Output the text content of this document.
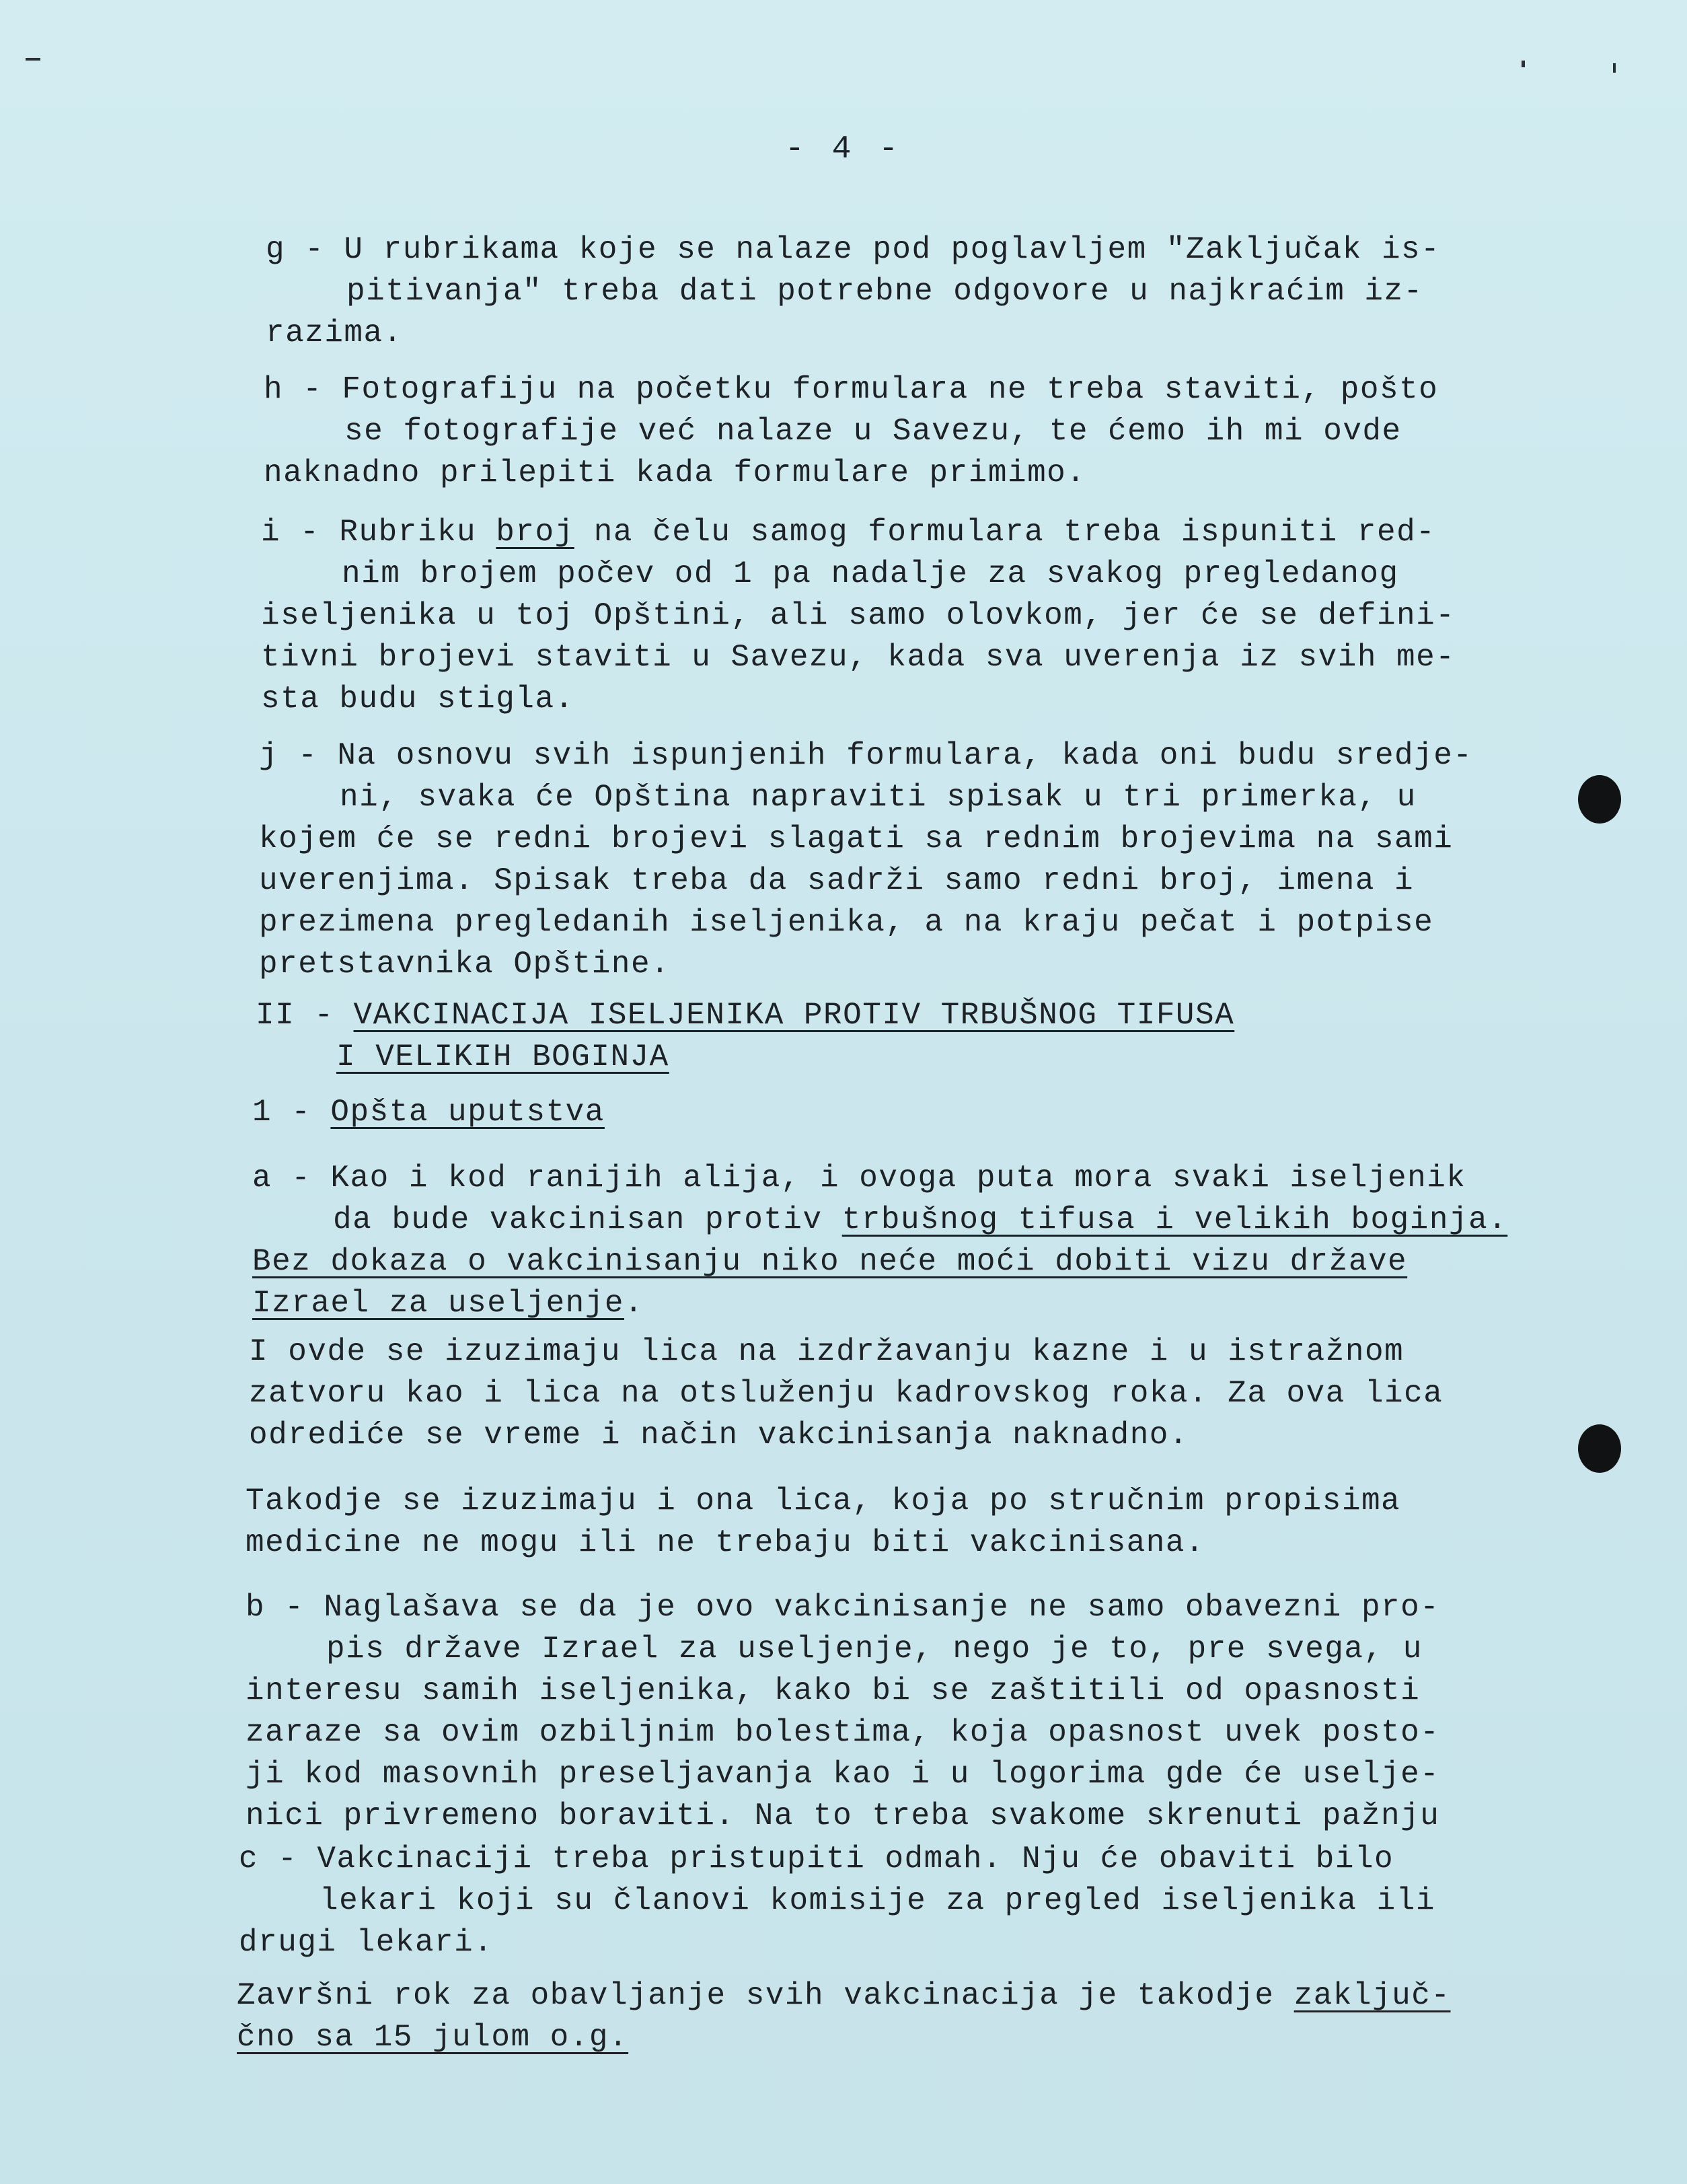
- 4 -
g - U rubrikama koje se nalaze pod poglavljem "Zaključak is-
pitivanja" treba dati potrebne odgovore u najkraćim iz-
razima.
h - Fotografiju na početku formulara ne treba staviti, pošto
se fotografije već nalaze u Savezu, te ćemo ih mi ovde
naknadno prilepiti kada formulare primimo.
i - Rubriku broj na čelu samog formulara treba ispuniti red-
nim brojem počev od 1 pa nadalje za svakog pregledanog
iseljenika u toj Opštini, ali samo olovkom, jer će se defini-
tivni brojevi staviti u Savezu, kada sva uverenja iz svih me-
sta budu stigla.
j - Na osnovu svih ispunjenih formulara, kada oni budu sredje-
ni, svaka će Opština napraviti spisak u tri primerka, u
kojem će se redni brojevi slagati sa rednim brojevima na sami
uverenjima. Spisak treba da sadrži samo redni broj, imena i
prezimena pregledanih iseljenika, a na kraju pečat i potpise
pretstavnika Opštine.
II - VAKCINACIJA ISELJENIKA PROTIV TRBUŠNOG TIFUSA
I VELIKIH BOGINJA
1 - Opšta uputstva
a - Kao i kod ranijih alija, i ovoga puta mora svaki iseljenik
da bude vakcinisan protiv trbušnog tifusa i velikih boginja.
Bez dokaza o vakcinisanju niko neće moći dobiti vizu države
Izrael za useljenje.
I ovde se izuzimaju lica na izdržavanju kazne i u istražnom
zatvoru kao i lica na otsluženju kadrovskog roka. Za ova lica
odrediće se vreme i način vakcinisanja naknadno.
Takodje se izuzimaju i ona lica, koja po stručnim propisima
medicine ne mogu ili ne trebaju biti vakcinisana.
b - Naglašava se da je ovo vakcinisanje ne samo obavezni pro-
pis države Izrael za useljenje, nego je to, pre svega, u
interesu samih iseljenika, kako bi se zaštitili od opasnosti
zaraze sa ovim ozbiljnim bolestima, koja opasnost uvek posto-
ji kod masovnih preseljavanja kao i u logorima gde će uselje-
nici privremeno boraviti. Na to treba svakome skrenuti pažnju
c - Vakcinaciji treba pristupiti odmah. Nju će obaviti bilo
lekari koji su članovi komisije za pregled iseljenika ili
drugi lekari.
Završni rok za obavljanje svih vakcinacija je takodje zaključ-
čno sa 15 julom o.g.
